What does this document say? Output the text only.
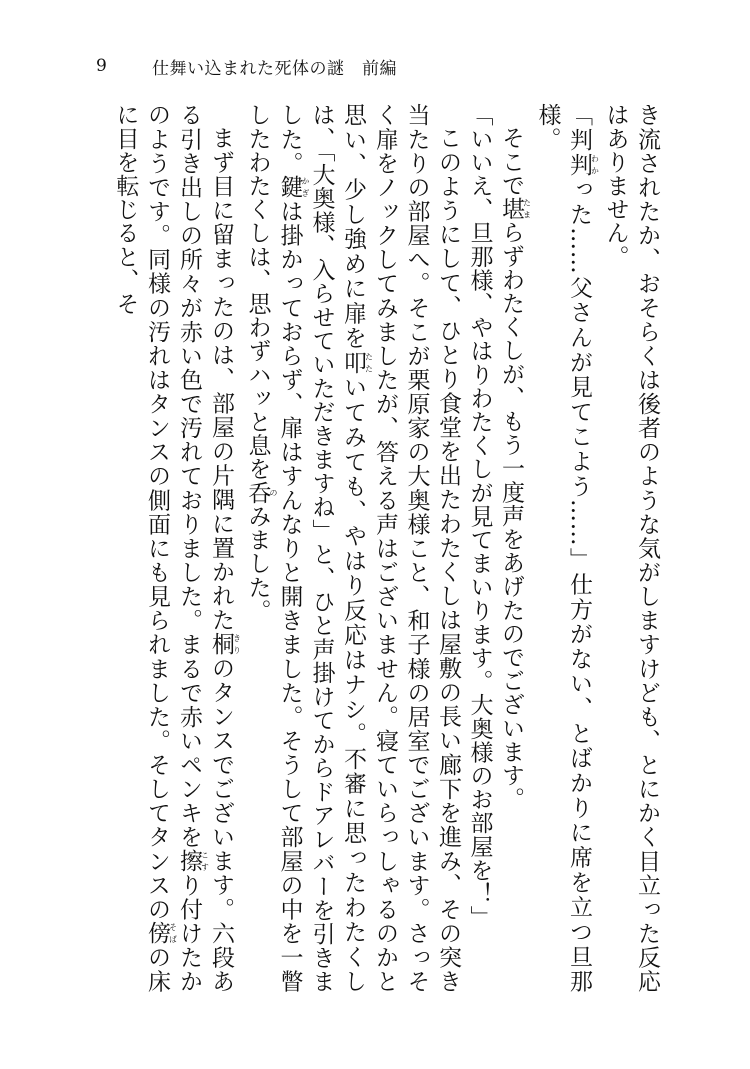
9	仕舞い込まれた死体の謎　前編

き流されたか、おそらくは後者のような気がしますけども、とにかく目立った反応はありません。

「判判わかった……父さんが見てこよう……」仕方がない、とばかりに席を立つ旦那様。

そこで堪たまらずわたくしが、もう一度声をあげたのでございます。

「いいえ、旦那様、やはりわたくしが見てまいります。大奥様のお部屋を！」

このようにして、ひとり食堂を出たわたくしは屋敷の長い廊下を進み、その突き当たりの部屋へ。そこが栗原家の大奥様こと、和子様の居室でございます。さっそく扉をノックしてみましたが、答える声はございません。寝ていらっしゃるのかと思い、少し強めに扉を叩たたいてみても、やはり反応はナシ。不審に思ったわたくしは、「大奥様、入らせていただきますね」と、ひと声掛けてからドアレバーを引きました。鍵かぎは掛かっておらず、扉はすんなりと開きました。そうして部屋の中を一瞥したわたくしは、思わずハッと息を呑のみました。

まず目に留まったのは、部屋の片隅に置かれた桐きりのタンスでございます。六段ある引き出しの所々が赤い色で汚れておりました。まるで赤いペンキを擦こすり付けたかのようです。同様の汚れはタンスの側面にも見られました。そしてタンスの傍そばの床に目を転じると、そ
